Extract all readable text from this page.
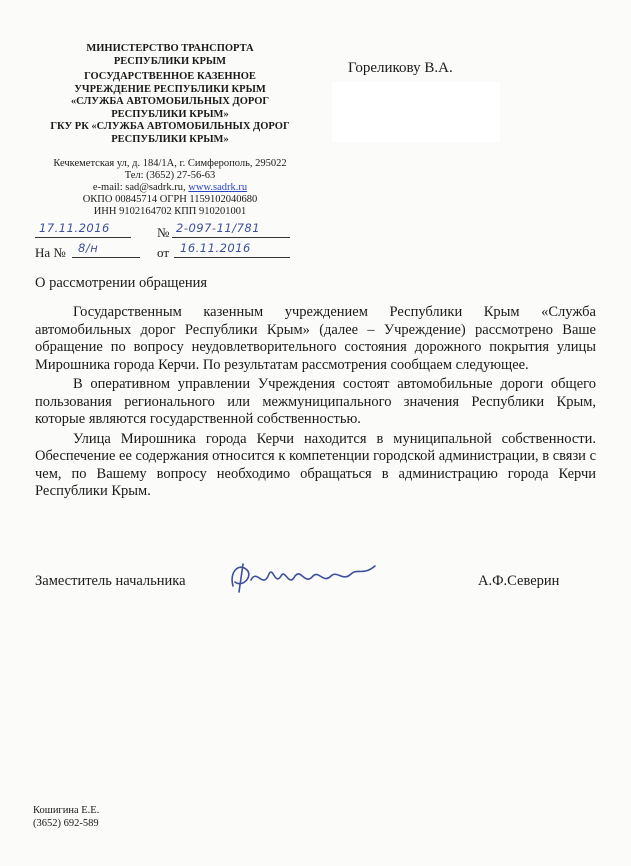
МИНИСТЕРСТВО ТРАНСПОРТА
РЕСПУБЛИКИ КРЫМ
ГОСУДАРСТВЕННОЕ КАЗЕННОЕ
УЧРЕЖДЕНИЕ РЕСПУБЛИКИ КРЫМ
«СЛУЖБА АВТОМОБИЛЬНЫХ ДОРОГ
РЕСПУБЛИКИ КРЫМ»
ГКУ РК «СЛУЖБА АВТОМОБИЛЬНЫХ ДОРОГ
РЕСПУБЛИКИ КРЫМ»
Кечкеметская ул, д. 184/1А, г. Симферополь, 295022
Тел: (3652) 27-56-63
e-mail: sad@sadrk.ru, www.sadrk.ru
ОКПО 00845714 ОГРН 1159102040680
ИНН 9102164702 КПП 910201001
17.11.2016	№ 2-097-11/781
На № 8/н	от 16.11.2016
Гореликову В.А.
О рассмотрении обращения

Государственным казенным учреждением Республики Крым «Служба автомобильных дорог Республики Крым» (далее – Учреждение) рассмотрено Ваше обращение по вопросу неудовлетворительного состояния дорожного покрытия улицы Мирошника города Керчи. По результатам рассмотрения сообщаем следующее.

В оперативном управлении Учреждения состоят автомобильные дороги общего пользования регионального или межмуниципального значения Республики Крым, которые являются государственной собственностью.

Улица Мирошника города Керчи находится в муниципальной собственности. Обеспечение ее содержания относится к компетенции городской администрации, в связи с чем, по Вашему вопросу необходимо обращаться в администрацию города Керчи Республики Крым.

Заместитель начальника	А.Ф.Северин
Кошигина Е.Е.
(3652) 692-589
